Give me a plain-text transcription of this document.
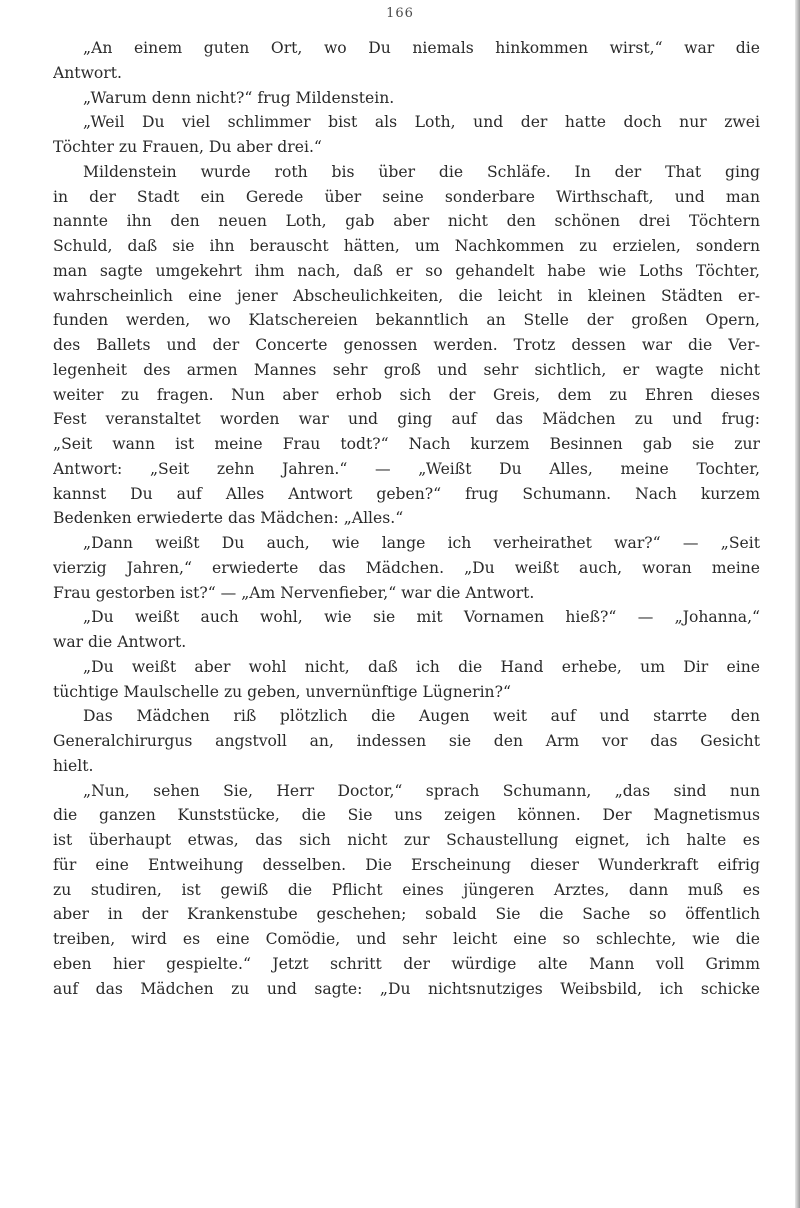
166
„An einem guten Ort, wo Du niemals hinkommen wirst,“ war die
Antwort.
„Warum denn nicht?“ frug Mildenstein.
„Weil Du viel schlimmer bist als Loth, und der hatte doch nur zwei
Töchter zu Frauen, Du aber drei.“
Mildenstein wurde roth bis über die Schläfe. In der That ging
in der Stadt ein Gerede über seine sonderbare Wirthschaft, und man
nannte ihn den neuen Loth, gab aber nicht den schönen drei Töchtern
Schuld, daß sie ihn berauscht hätten, um Nachkommen zu erzielen, sondern
man sagte umgekehrt ihm nach, daß er so gehandelt habe wie Loths Töchter,
wahrscheinlich eine jener Abscheulichkeiten, die leicht in kleinen Städten er-
funden werden, wo Klatschereien bekanntlich an Stelle der großen Opern,
des Ballets und der Concerte genossen werden. Trotz dessen war die Ver-
legenheit des armen Mannes sehr groß und sehr sichtlich, er wagte nicht
weiter zu fragen. Nun aber erhob sich der Greis, dem zu Ehren dieses
Fest veranstaltet worden war und ging auf das Mädchen zu und frug:
„Seit wann ist meine Frau todt?“ Nach kurzem Besinnen gab sie zur
Antwort: „Seit zehn Jahren.“ — „Weißt Du Alles, meine Tochter,
kannst Du auf Alles Antwort geben?“ frug Schumann. Nach kurzem
Bedenken erwiederte das Mädchen: „Alles.“
„Dann weißt Du auch, wie lange ich verheirathet war?“ — „Seit
vierzig Jahren,“ erwiederte das Mädchen. „Du weißt auch, woran meine
Frau gestorben ist?“ — „Am Nervenfieber,“ war die Antwort.
„Du weißt auch wohl, wie sie mit Vornamen hieß?“ — „Johanna,“
war die Antwort.
„Du weißt aber wohl nicht, daß ich die Hand erhebe, um Dir eine
tüchtige Maulschelle zu geben, unvernünftige Lügnerin?“
Das Mädchen riß plötzlich die Augen weit auf und starrte den
Generalchirurgus angstvoll an, indessen sie den Arm vor das Gesicht
hielt.
„Nun, sehen Sie, Herr Doctor,“ sprach Schumann, „das sind nun
die ganzen Kunststücke, die Sie uns zeigen können. Der Magnetismus
ist überhaupt etwas, das sich nicht zur Schaustellung eignet, ich halte es
für eine Entweihung desselben. Die Erscheinung dieser Wunderkraft eifrig
zu studiren, ist gewiß die Pflicht eines jüngeren Arztes, dann muß es
aber in der Krankenstube geschehen; sobald Sie die Sache so öffentlich
treiben, wird es eine Comödie, und sehr leicht eine so schlechte, wie die
eben hier gespielte.“ Jetzt schritt der würdige alte Mann voll Grimm
auf das Mädchen zu und sagte: „Du nichtsnutziges Weibsbild, ich schicke
